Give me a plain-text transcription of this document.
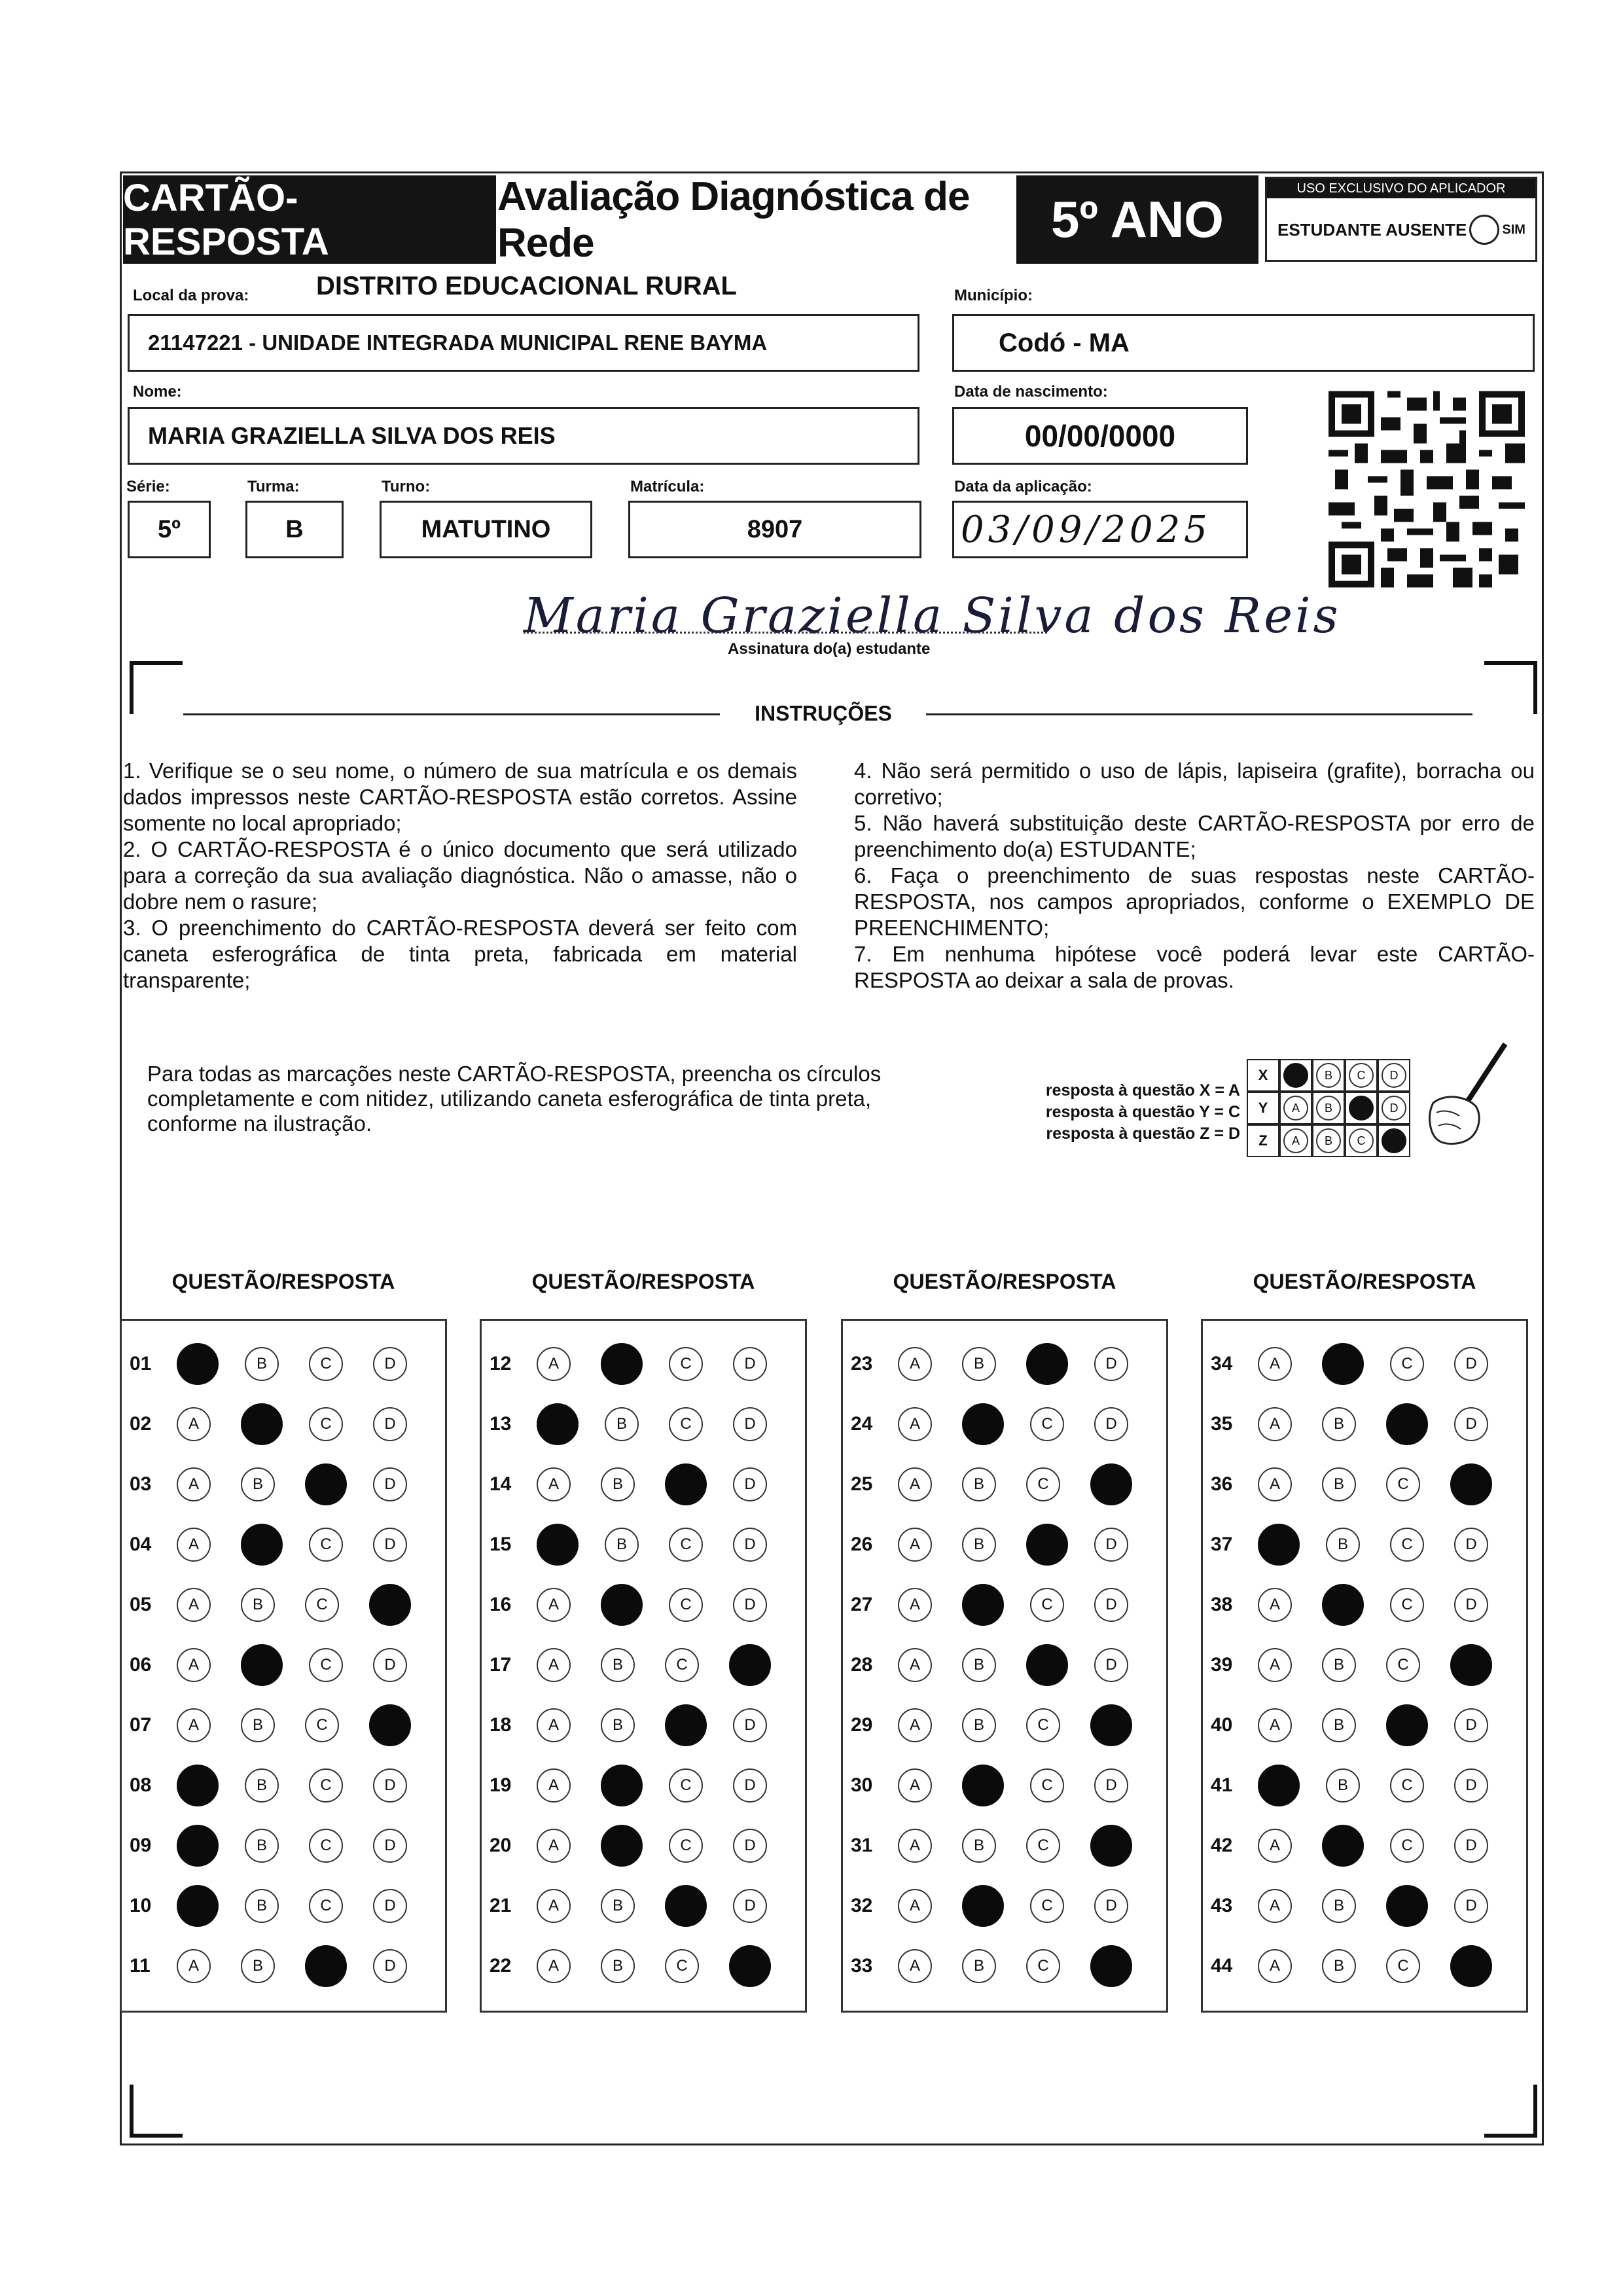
CARTÃO-RESPOSTA
Avaliação Diagnóstica de Rede	5º ANO
USO EXCLUSIVO DO APLICADOR
ESTUDANTE AUSENTE	SIM
Local da prova:	DISTRITO EDUCACIONAL RURAL
21147221 - UNIDADE INTEGRADA MUNICIPAL RENE BAYMA
Município:
Codó - MA
Nome:
MARIA GRAZIELLA SILVA DOS REIS
Data de nascimento:
00/00/0000
Série:
5º
Turma:
B
Turno:
MATUTINO
Matrícula:
8907
Data da aplicação:
03/09/2025
Maria Graziella Silva dos Reis
Assinatura do(a) estudante
INSTRUÇÕES
1. Verifique se o seu nome, o número de sua matrícula e os demais dados impressos neste CARTÃO-RESPOSTA estão corretos. Assine somente no local apropriado;
2. O CARTÃO-RESPOSTA é o único documento que será utilizado para a correção da sua avaliação diagnóstica. Não o amasse, não o dobre nem o rasure;
3. O preenchimento do CARTÃO-RESPOSTA deverá ser feito com caneta esferográfica de tinta preta, fabricada em material transparente;
4. Não será permitido o uso de lápis, lapiseira (grafite), borracha ou corretivo;
5. Não haverá substituição deste CARTÃO-RESPOSTA por erro de preenchimento do(a) ESTUDANTE;
6. Faça o preenchimento de suas respostas neste CARTÃO-RESPOSTA, nos campos apropriados, conforme o EXEMPLO DE PREENCHIMENTO;
7. Em nenhuma hipótese você poderá levar este CARTÃO-RESPOSTA ao deixar a sala de provas.
Para todas as marcações neste CARTÃO-RESPOSTA, preencha os círculos completamente e com nitidez, utilizando caneta esferográfica de tinta preta, conforme na ilustração.
resposta à questão X = A
resposta à questão Y = C
resposta à questão Z = D
X	A	B	C	D
Y	A	B	C	D
Z	A	B	C	D
QUESTÃO/RESPOSTA	QUESTÃO/RESPOSTA	QUESTÃO/RESPOSTA	QUESTÃO/RESPOSTA
01	A	B	C	D
02	A	B	C	D
03	A	B	C	D
04	A	B	C	D
05	A	B	C	D
06	A	B	C	D
07	A	B	C	D
08	A	B	C	D
09	A	B	C	D
10	A	B	C	D
11	A	B	C	D
12	A	B	C	D
13	A	B	C	D
14	A	B	C	D
15	A	B	C	D
16	A	B	C	D
17	A	B	C	D
18	A	B	C	D
19	A	B	C	D
20	A	B	C	D
21	A	B	C	D
22	A	B	C	D
23	A	B	C	D
24	A	B	C	D
25	A	B	C	D
26	A	B	C	D
27	A	B	C	D
28	A	B	C	D
29	A	B	C	D
30	A	B	C	D
31	A	B	C	D
32	A	B	C	D
33	A	B	C	D
34	A	B	C	D
35	A	B	C	D
36	A	B	C	D
37	A	B	C	D
38	A	B	C	D
39	A	B	C	D
40	A	B	C	D
41	A	B	C	D
42	A	B	C	D
43	A	B	C	D
44	A	B	C	D
